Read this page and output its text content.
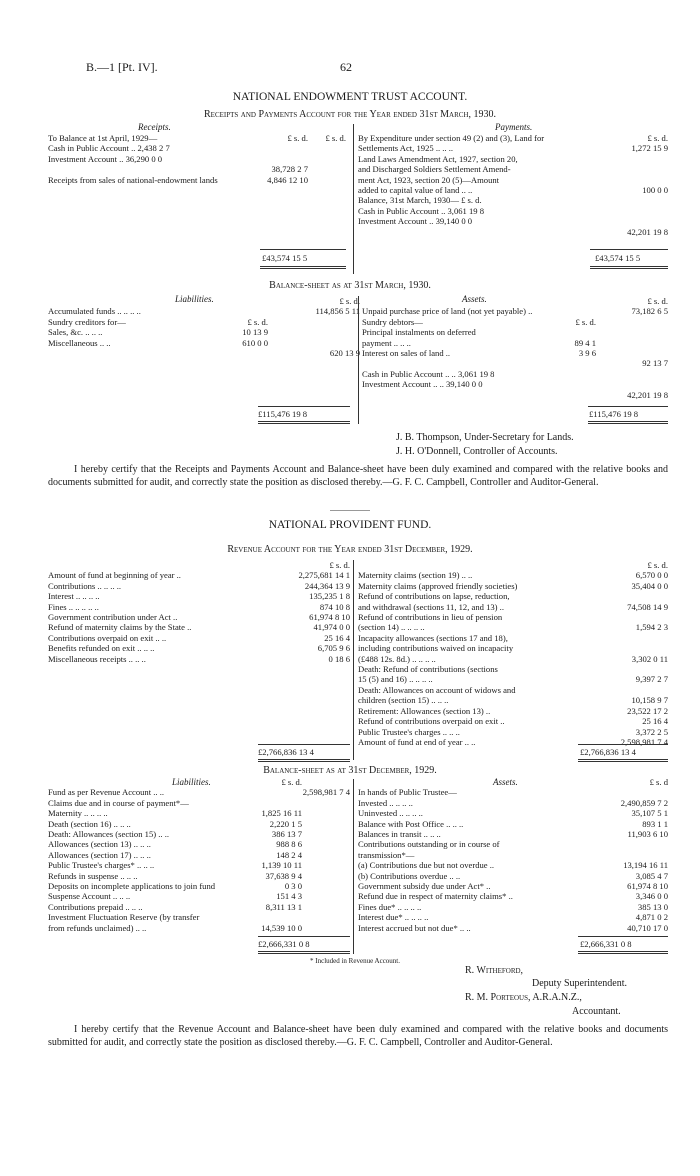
B.—1 [Pt. IV].	62
NATIONAL ENDOWMENT TRUST ACCOUNT.
Receipts and Payments Account for the Year ended 31st March, 1930.
Receipts.	Payments.
To Balance at 1st April, 1929—	£ s. d.	£ s. d.
Cash in Public Account .. 2,438 2 7		
Investment Account .. 36,290 0 0		
	38,728 2 7	
Receipts from sales of national-endowment lands	4,846 12 10	
By Expenditure under section 49 (2) and (3), Land for	£ s. d.
Settlements Act, 1925 .. .. ..	1,272 15 9
Land Laws Amendment Act, 1927, section 20,	
and Discharged Soldiers Settlement Amend-	
ment Act, 1923, section 20 (5)—Amount	
added to capital value of land .. ..	100 0 0
Balance, 31st March, 1930— £ s. d.	
Cash in Public Account .. 3,061 19 8	
Investment Account .. 39,140 0 0	
	42,201 19 8
£43,574 15 5	£43,574 15 5
Balance-sheet as at 31st March, 1930.
Liabilities.	Assets.
		£ s. d.
Accumulated funds .. .. .. ..		114,856 5 11
Sundry creditors for—	£ s. d.	
Sales, &c. .. .. ..	10 13 9	
Miscellaneous .. ..	610 0 0	
		620 13 9
		£ s. d.
Unpaid purchase price of land (not yet payable) ..		73,182 6 5
Sundry debtors—	£ s. d.	
Principal instalments on deferred		
payment .. .. ..	89 4 1	
Interest on sales of land ..	3 9 6	
		92 13 7
Cash in Public Account .. .. 3,061 19 8		
Investment Account .. .. 39,140 0 0		
		42,201 19 8
£115,476 19 8	£115,476 19 8
J. B. Thompson, Under-Secretary for Lands.
J. H. O'Donnell, Controller of Accounts.
I hereby certify that the Receipts and Payments Account and Balance-sheet have been duly examined and compared with the relative books and documents submitted for audit, and correctly state the position as disclosed thereby.—G. F. C. Campbell, Controller and Auditor-General.
NATIONAL PROVIDENT FUND.
Revenue Account for the Year ended 31st December, 1929.
	£ s. d.
Amount of fund at beginning of year ..	2,275,681 14 1
Contributions .. .. .. ..	244,364 13 9
Interest .. .. .. ..	135,235 1 8
Fines .. .. .. .. ..	874 10 8
Government contribution under Act ..	61,974 8 10
Refund of maternity claims by the State ..	41,974 0 0
Contributions overpaid on exit .. ..	25 16 4
Benefits refunded on exit .. .. ..	6,705 9 6
Miscellaneous receipts .. .. ..	0 18 6
	£ s. d.
Maternity claims (section 19) .. ..	6,570 0 0
Maternity claims (approved friendly societies)	35,404 0 0
Refund of contributions on lapse, reduction,	
and withdrawal (sections 11, 12, and 13) ..	74,508 14 9
Refund of contributions in lieu of pension	
(section 14) .. .. .. ..	1,594 2 3
Incapacity allowances (sections 17 and 18),	
including contributions waived on incapacity	
(£488 12s. 8d.) .. .. .. ..	3,302 0 11
Death: Refund of contributions (sections	
15 (5) and 16) .. .. .. ..	9,397 2 7
Death: Allowances on account of widows and	
children (section 15) .. .. ..	10,158 9 7
Retirement: Allowances (section 13) ..	23,522 17 2
Refund of contributions overpaid on exit ..	25 16 4
Public Trustee's charges .. .. ..	3,372 2 5
Amount of fund at end of year .. ..	2,598,981 7 4
£2,766,836 13 4	£2,766,836 13 4
Balance-sheet as at 31st December, 1929.
Liabilities.	Assets.
	£ s. d.	
Fund as per Revenue Account .. ..		2,598,981 7 4
Claims due and in course of payment*—		
Maternity .. .. .. ..	1,825 16 11	
Death (section 16) .. .. ..	2,220 1 5	
Death: Allowances (section 15) .. ..	386 13 7	
Allowances (section 13) .. .. ..	988 8 6	
Allowances (section 17) .. .. ..	148 2 4	
Public Trustee's charges* .. .. ..	1,139 10 11	
Refunds in suspense .. .. ..	37,638 9 4	
Deposits on incomplete applications to join fund	0 3 0	
Suspense Account .. .. ..	151 4 3	
Contributions prepaid .. .. ..	8,311 13 1	
Investment Fluctuation Reserve (by transfer		
from refunds unclaimed) .. ..	14,539 10 0	
	£ s. d
In hands of Public Trustee—	
Invested .. .. .. ..	2,490,859 7 2
Uninvested .. .. .. ..	35,107 5 1
Balance with Post Office .. .. ..	893 1 1
Balances in transit .. .. ..	11,903 6 10
Contributions outstanding or in course of	
transmission*—	
(a) Contributions due but not overdue ..	13,194 16 11
(b) Contributions overdue .. ..	3,085 4 7
Government subsidy due under Act* ..	61,974 8 10
Refund due in respect of maternity claims* ..	3,346 0 0
Fines due* .. .. .. ..	385 13 0
Interest due* .. .. .. ..	4,871 0 2
Interest accrued but not due* .. ..	40,710 17 0
£2,666,331 0 8	£2,666,331 0 8
* Included in Revenue Account.
R. Witheford,
Deputy Superintendent.
R. M. Porteous, A.R.A.N.Z.,
Accountant.
I hereby certify that the Revenue Account and Balance-sheet have been duly examined and compared with the relative books and documents submitted for audit, and correctly state the position as disclosed thereby.—G. F. C. Campbell, Controller and Auditor-General.
